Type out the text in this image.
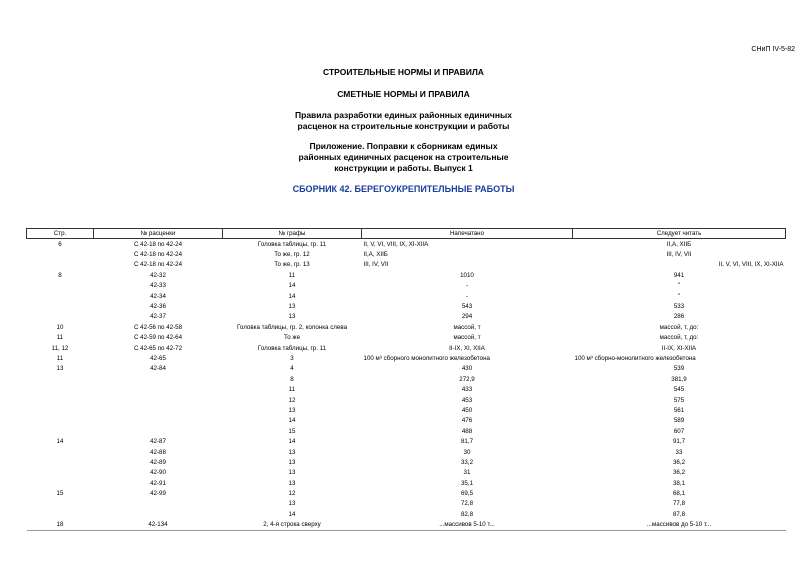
СНиП IV-5-82
СТРОИТЕЛЬНЫЕ НОРМЫ И ПРАВИЛА
СМЕТНЫЕ НОРМЫ И ПРАВИЛА
Правила разработки единых районных единичных
расценок на строительные конструкции и работы
Приложение. Поправки к сборникам единых
районных единичных расценок на строительные
конструкции и работы. Выпуск 1
СБОРНИК 42. БЕРЕГОУКРЕПИТЕЛЬНЫЕ РАБОТЫ
Стр.	№ расценки	№ графы	Напечатано	Следует читать
6	С 42-18 по 42-24	Головка таблицы, гр. 11	II, V, VI, VIII, IX, XI-XIIА	II,А, XIIБ
	С 42-18 по 42-24	То же, гр. 12	II,А, XIIБ	III, IV, VII
	С 42-18 по 42-24	То же, гр. 13	III, IV, VII	II, V, VI, VIII, IX, XI-XIIА
8	42-32	11	1010	941
	42-33	14	-	"
	42-34	14	-	"
	42-36	13	543	533
	42-37	13	294	286
10	С 42-56 по 42-58	Головка таблицы, гр. 2, колонка слева	массой, т	массой, т, до:
11	С 42-59 по 42-64	То же	массой, т	массой, т, до:
11, 12	С 42-65 по 42-72	Головка таблицы, гр. 11	II-IХ, XI, XIIА	II-IХ, XI-XIIА
11	42-65	3	100 м³ сборного монолитного железобетона	100 м³ сборно-монолитного железобетона
13	42-84	4	430	539
		8	272,9	381,9
		11	433	545
		12	453	575
		13	450	561
		14	476	589
		15	488	607
14	42-87	14	81,7	91,7
	42-88	13	30	33
	42-89	13	33,2	36,2
	42-90	13	31	36,2
	42-91	13	35,1	38,1
15	42-99	12	69,5	68,1
		13	72,8	77,8
		14	82,8	87,8
18	42-134	2, 4-я строка сверху	...массивов 5-10 т...	...массивов до 5-10 т...
